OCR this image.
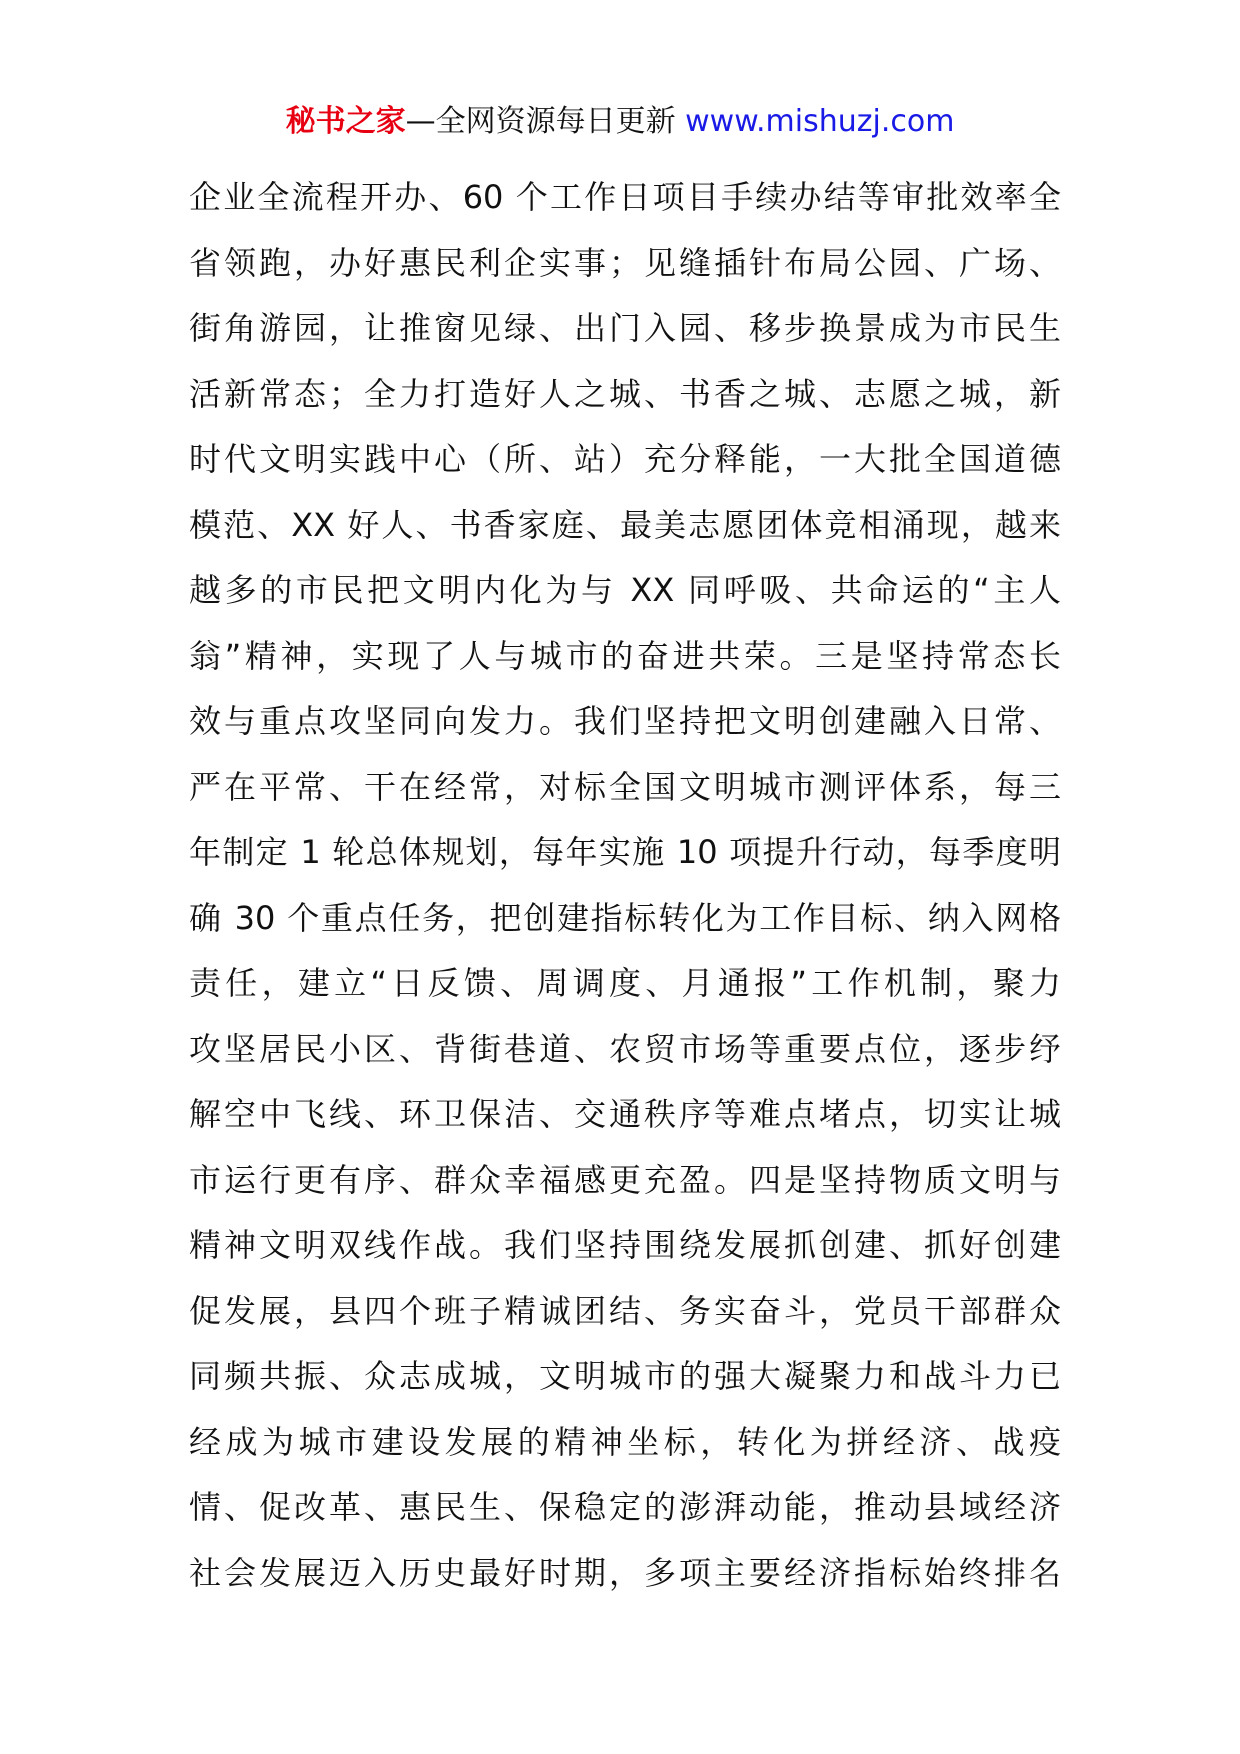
秘书之家—全网资源每日更新 www.mishuzj.com
企业全流程开办、60 个工作日项目手续办结等审批效率全
省领跑，办好惠民利企实事；见缝插针布局公园、广场、
街角游园，让推窗见绿、出门入园、移步换景成为市民生
活新常态；全力打造好人之城、书香之城、志愿之城，新
时代文明实践中心（所、站）充分释能，一大批全国道德
模范、XX 好人、书香家庭、最美志愿团体竞相涌现，越来
越多的市民把文明内化为与 XX 同呼吸、共命运的“主人
翁”精神，实现了人与城市的奋进共荣。三是坚持常态长
效与重点攻坚同向发力。我们坚持把文明创建融入日常、
严在平常、干在经常，对标全国文明城市测评体系，每三
年制定 1 轮总体规划，每年实施 10 项提升行动，每季度明
确 30 个重点任务，把创建指标转化为工作目标、纳入网格
责任，建立“日反馈、周调度、月通报”工作机制，聚力
攻坚居民小区、背街巷道、农贸市场等重要点位，逐步纾
解空中飞线、环卫保洁、交通秩序等难点堵点，切实让城
市运行更有序、群众幸福感更充盈。四是坚持物质文明与
精神文明双线作战。我们坚持围绕发展抓创建、抓好创建
促发展，县四个班子精诚团结、务实奋斗，党员干部群众
同频共振、众志成城，文明城市的强大凝聚力和战斗力已
经成为城市建设发展的精神坐标，转化为拼经济、战疫
情、促改革、惠民生、保稳定的澎湃动能，推动县域经济
社会发展迈入历史最好时期，多项主要经济指标始终排名
